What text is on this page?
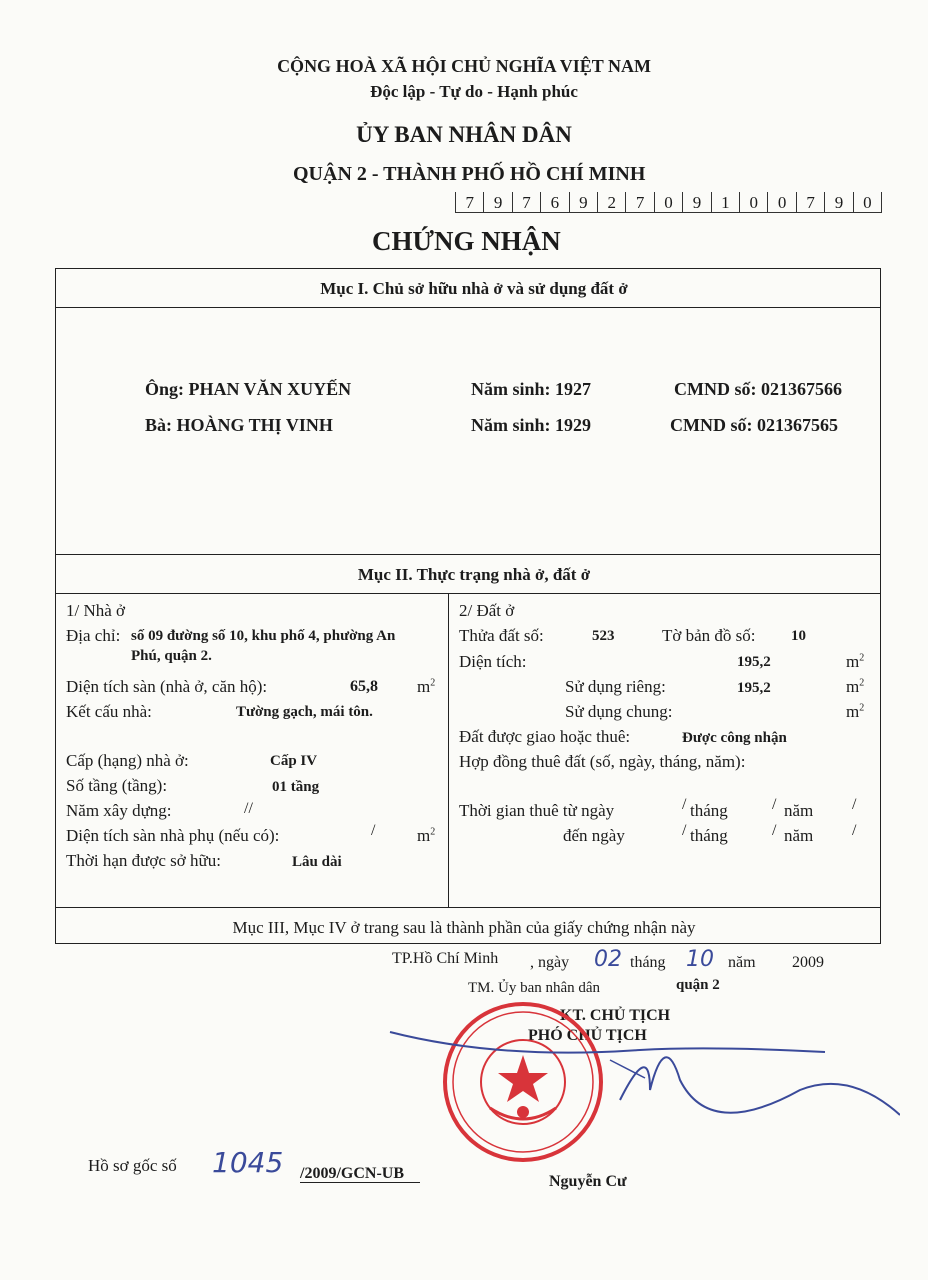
CỘNG HOÀ XÃ HỘI CHỦ NGHĨA VIỆT NAM
Độc lập - Tự do - Hạnh phúc
ỦY BAN NHÂN DÂN
QUẬN 2 - THÀNH PHỐ HỒ CHÍ MINH
7	9	7	6	9	2	7	0	9	1	0	0	7	9	0
CHỨNG NHẬN
Mục I. Chủ sở hữu nhà ở và sử dụng đất ở
Ông: PHAN VĂN XUYẾN	Năm sinh: 1927	CMND số: 021367566
Bà: HOÀNG THỊ VINH	Năm sinh: 1929	CMND số: 021367565
Mục II. Thực trạng nhà ở, đất ở
1/ Nhà ở
Địa chỉ: số 09 đường số 10, khu phố 4, phường An
Phú, quận 2.
Diện tích sàn (nhà ở, căn hộ):	65,8 $m^2$
Kết cấu nhà:	Tường gạch, mái tôn.
Cấp (hạng) nhà ở:	Cấp IV
Số tầng (tầng):	01 tầng
Năm xây dựng:	//
Diện tích sàn nhà phụ (nếu có):	/ $m^2$
Thời hạn được sở hữu:	Lâu dài
2/ Đất ở
Thửa đất số:	523	Tờ bản đồ số: 10
Diện tích:	195,2	$m^2$
Sử dụng riêng:	195,2	$m^2$
Sử dụng chung:	$m^2$
Đất được giao hoặc thuê:	Được công nhận
Hợp đồng thuê đất (số, ngày, tháng, năm):
Thời gian thuê từ ngày	/ tháng	/ năm /
đến ngày	/ tháng	/ năm /
Mục III, Mục IV ở trang sau là thành phần của giấy chứng nhận này
TP.Hồ Chí Minh , ngày 02 tháng 10 năm 2009
TM. Ủy ban nhân dân	quận 2
KT. CHỦ TỊCH
PHÓ CHỦ TỊCH
Nguyễn Cư
Hồ sơ gốc số 1045 /2009/GCN-UB
